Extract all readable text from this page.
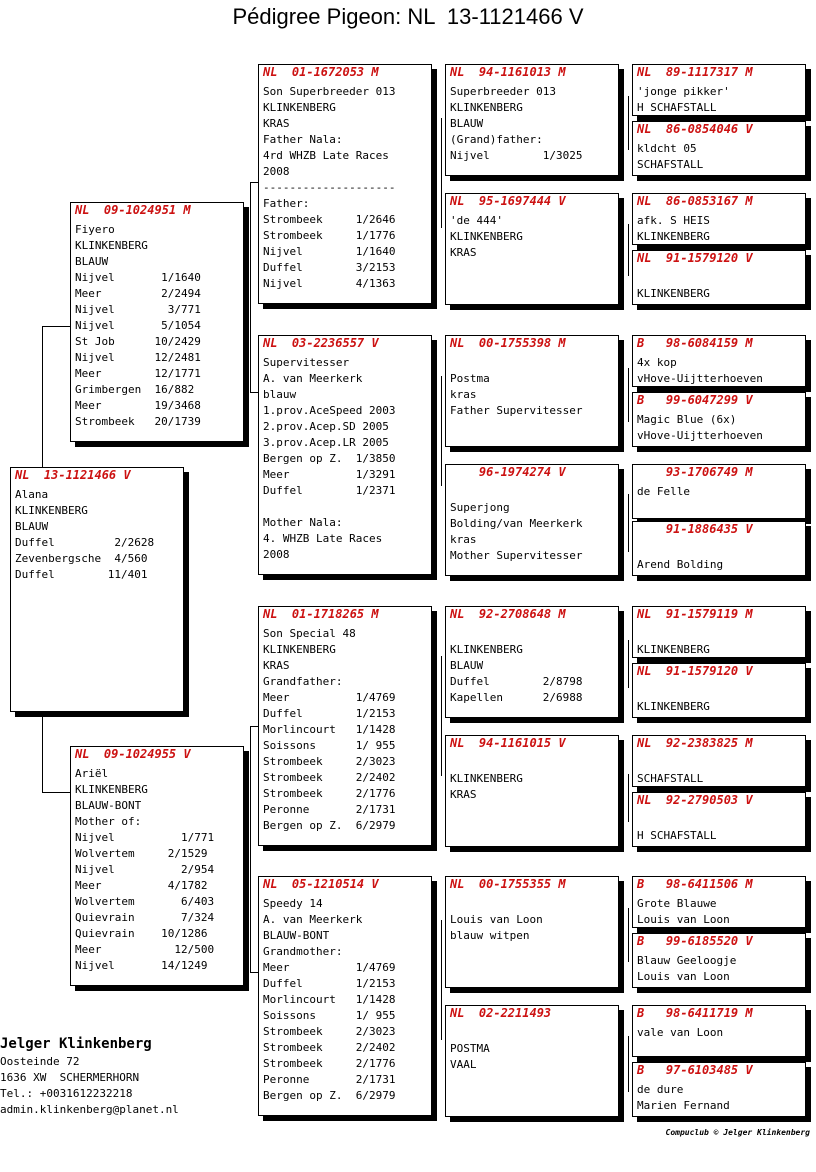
Pédigree Pigeon: NL  13-1121466 V
NL  13-1121466 V
Alana
KLINKENBERG
BLAUW
Duffel         2/2628
Zevenbergsche  4/560
Duffel        11/401
NL  09-1024951 M
Fiyero
KLINKENBERG
BLAUW
Nijvel       1/1640
Meer         2/2494
Nijvel        3/771
Nijvel       5/1054
St Job      10/2429
Nijvel      12/2481
Meer        12/1771
Grimbergen  16/882
Meer        19/3468
Strombeek   20/1739
NL  09-1024955 V
Ariël
KLINKENBERG
BLAUW-BONT
Mother of:
Nijvel          1/771
Wolvertem     2/1529
Nijvel          2/954
Meer          4/1782
Wolvertem       6/403
Quievrain       7/324
Quievrain    10/1286
Meer           12/500
Nijvel       14/1249
NL  01-1672053 M
Son Superbreeder 013
KLINKENBERG
KRAS
Father Nala:
4rd WHZB Late Races
2008
--------------------
Father:
Strombeek     1/2646
Strombeek     1/1776
Nijvel        1/1640
Duffel        3/2153
Nijvel        4/1363
NL  03-2236557 V
Supervitesser
A. van Meerkerk
blauw
1.prov.AceSpeed 2003
2.prov.Acep.SD 2005
3.prov.Acep.LR 2005
Bergen op Z.  1/3850
Meer          1/3291
Duffel        1/2371
Mother Nala:
4. WHZB Late Races
2008
NL  01-1718265 M
Son Special 48
KLINKENBERG
KRAS
Grandfather:
Meer          1/4769
Duffel        1/2153
Morlincourt   1/1428
Soissons      1/ 955
Strombeek     2/3023
Strombeek     2/2402
Strombeek     2/1776
Peronne       2/1731
Bergen op Z.  6/2979
NL  05-1210514 V
Speedy 14
A. van Meerkerk
BLAUW-BONT
Grandmother:
Meer          1/4769
Duffel        1/2153
Morlincourt   1/1428
Soissons      1/ 955
Strombeek     2/3023
Strombeek     2/2402
Strombeek     2/1776
Peronne       2/1731
Bergen op Z.  6/2979
NL  94-1161013 M
Superbreeder 013
KLINKENBERG
BLAUW
(Grand)father:
Nijvel        1/3025
NL  95-1697444 V
'de 444'
KLINKENBERG
KRAS
NL  00-1755398 M
Postma
kras
Father Supervitesser
96-1974274 V
Superjong
Bolding/van Meerkerk
kras
Mother Supervitesser
NL  92-2708648 M
KLINKENBERG
BLAUW
Duffel        2/8798
Kapellen      2/6988
NL  94-1161015 V
KLINKENBERG
KRAS
NL  00-1755355 M
Louis van Loon
blauw witpen
NL  02-2211493
POSTMA
VAAL
NL  89-1117317 M
'jonge pikker'
H SCHAFSTALL
NL  86-0854046 V
kldcht 05
SCHAFSTALL
NL  86-0853167 M
afk. S HEIS
KLINKENBERG
NL  91-1579120 V
KLINKENBERG
B   98-6084159 M
4x kop
vHove-Uijtterhoeven
B   99-6047299 V
Magic Blue (6x)
vHove-Uijtterhoeven
93-1706749 M
de Felle
91-1886435 V
Arend Bolding
NL  91-1579119 M
KLINKENBERG
NL  91-1579120 V
KLINKENBERG
NL  92-2383825 M
SCHAFSTALL
NL  92-2790503 V
H SCHAFSTALL
B   98-6411506 M
Grote Blauwe
Louis van Loon
B   99-6185520 V
Blauw Geeloogje
Louis van Loon
B   98-6411719 M
vale van Loon
B   97-6103485 V
de dure
Marien Fernand
Jelger Klinkenberg
Oosteinde 72
1636 XW  SCHERMERHORN
Tel.: +0031612232218
admin.klinkenberg@planet.nl
Compuclub © Jelger Klinkenberg
